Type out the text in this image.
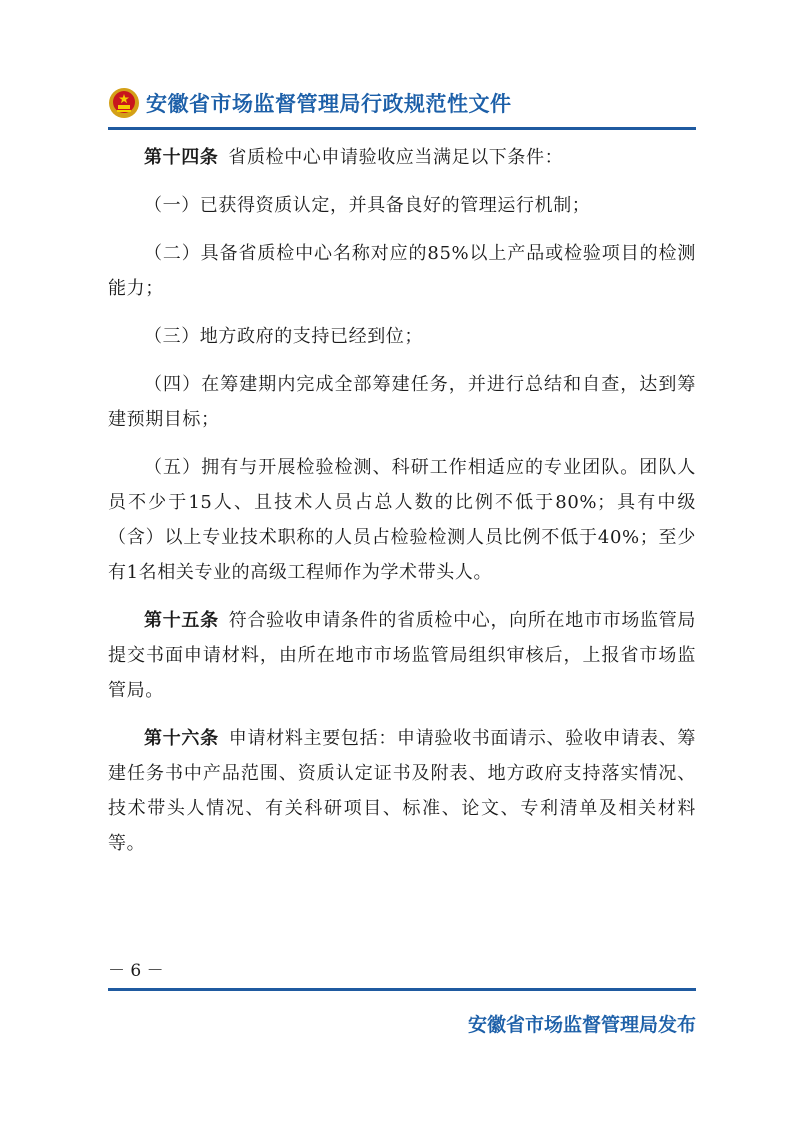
安徽省市场监督管理局行政规范性文件

第十四条 省质检中心申请验收应当满足以下条件：

（一）已获得资质认定，并具备良好的管理运行机制；

（二）具备省质检中心名称对应的85%以上产品或检验项目的检测能力；

（三）地方政府的支持已经到位；

（四）在筹建期内完成全部筹建任务，并进行总结和自查，达到筹建预期目标；

（五）拥有与开展检验检测、科研工作相适应的专业团队。团队人员不少于15人、且技术人员占总人数的比例不低于80%；具有中级（含）以上专业技术职称的人员占检验检测人员比例不低于40%；至少有1名相关专业的高级工程师作为学术带头人。

第十五条 符合验收申请条件的省质检中心，向所在地市市场监管局提交书面申请材料，由所在地市市场监管局组织审核后，上报省市场监管局。

第十六条 申请材料主要包括：申请验收书面请示、验收申请表、筹建任务书中产品范围、资质认定证书及附表、地方政府支持落实情况、技术带头人情况、有关科研项目、标准、论文、专利清单及相关材料等。

－ 6 －
安徽省市场监督管理局发布
